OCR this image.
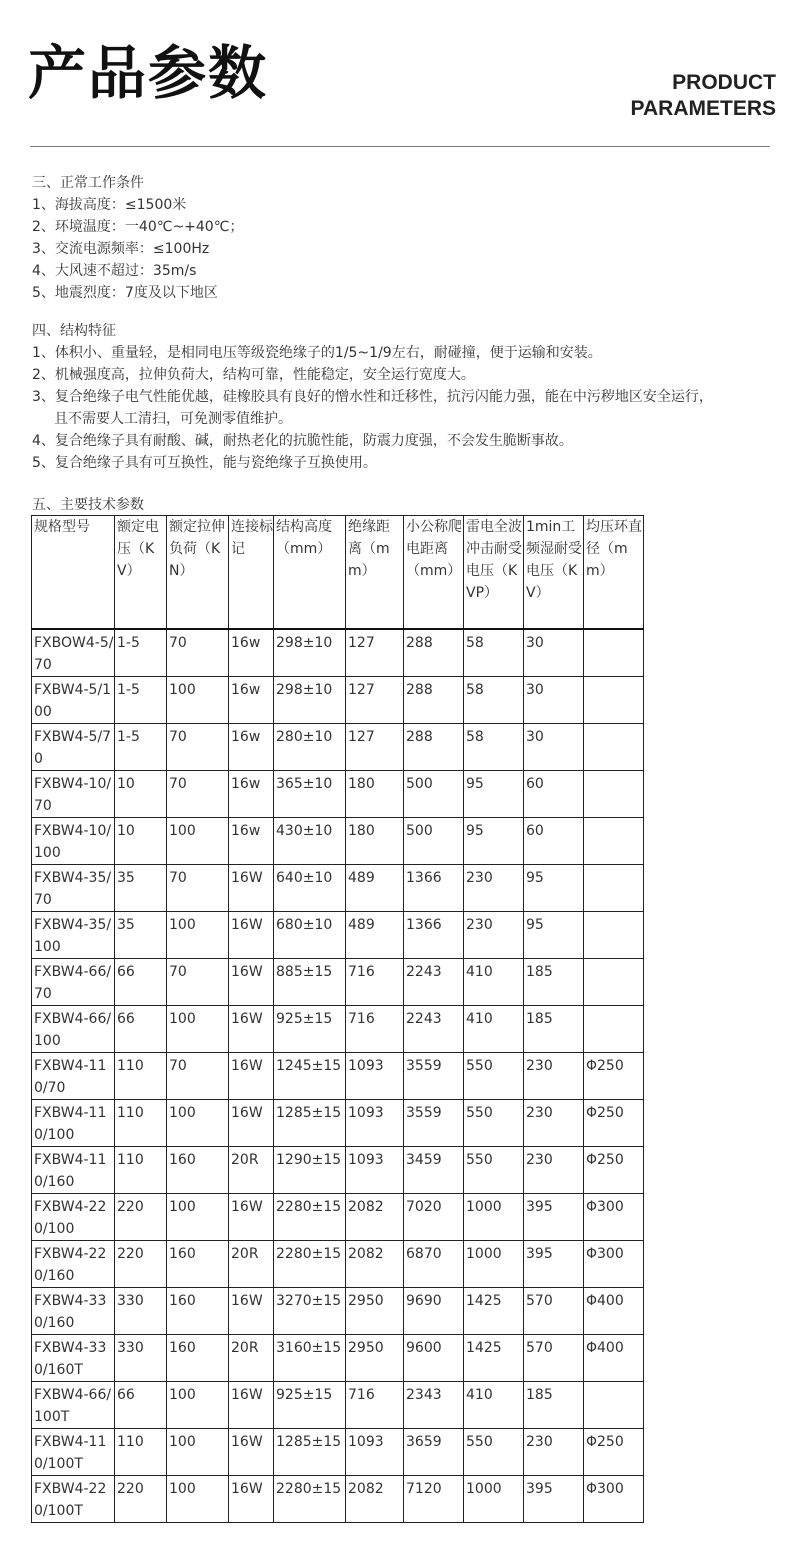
产品参数	PRODUCT
PARAMETERS
三、正常工作条件
1、海拔高度：≤1500米
2、环境温度：一40℃~+40℃；
3、交流电源频率：≤100Hz
4、大风速不超过：35m/s
5、地震烈度：7度及以下地区
四、结构特征
1、体积小、重量轻，是相同电压等级瓷绝缘子的1/5~1/9左右，耐碰撞，便于运输和安装。
2、机械强度高，拉伸负荷大，结构可靠，性能稳定，安全运行宽度大。
3、复合绝缘子电气性能优越，硅橡胶具有良好的憎水性和迁移性，抗污闪能力强，能在中污秽地区安全运行，
且不需要人工清扫，可免测零值维护。
4、复合绝缘子具有耐酸、碱，耐热老化的抗脆性能，防震力度强，不会发生脆断事故。
5、复合绝缘子具有可互换性，能与瓷绝缘子互换使用。
五、主要技术参数
规格型号	额定电压（KV）	额定拉伸负荷（KN）	连接标记	结构高度（mm）	绝缘距离（mm）	小公称爬电距离（mm）	雷电全波冲击耐受电压（KVP）	1min工频湿耐受电压（KV）	均压环直径（mm）
FXBOW4-5/70	1-5	70	16w	298±10	127	288	58	30	
FXBW4-5/100	1-5	100	16w	298±10	127	288	58	30	
FXBW4-5/70	1-5	70	16w	280±10	127	288	58	30	
FXBW4-10/70	10	70	16w	365±10	180	500	95	60	
FXBW4-10/100	10	100	16w	430±10	180	500	95	60	
FXBW4-35/70	35	70	16W	640±10	489	1366	230	95	
FXBW4-35/100	35	100	16W	680±10	489	1366	230	95	
FXBW4-66/70	66	70	16W	885±15	716	2243	410	185	
FXBW4-66/100	66	100	16W	925±15	716	2243	410	185	
FXBW4-110/70	110	70	16W	1245±15	1093	3559	550	230	Φ250
FXBW4-110/100	110	100	16W	1285±15	1093	3559	550	230	Φ250
FXBW4-110/160	110	160	20R	1290±15	1093	3459	550	230	Φ250
FXBW4-220/100	220	100	16W	2280±15	2082	7020	1000	395	Φ300
FXBW4-220/160	220	160	20R	2280±15	2082	6870	1000	395	Φ300
FXBW4-330/160	330	160	16W	3270±15	2950	9690	1425	570	Φ400
FXBW4-330/160T	330	160	20R	3160±15	2950	9600	1425	570	Φ400
FXBW4-66/100T	66	100	16W	925±15	716	2343	410	185	
FXBW4-110/100T	110	100	16W	1285±15	1093	3659	550	230	Φ250
FXBW4-220/100T	220	100	16W	2280±15	2082	7120	1000	395	Φ300
